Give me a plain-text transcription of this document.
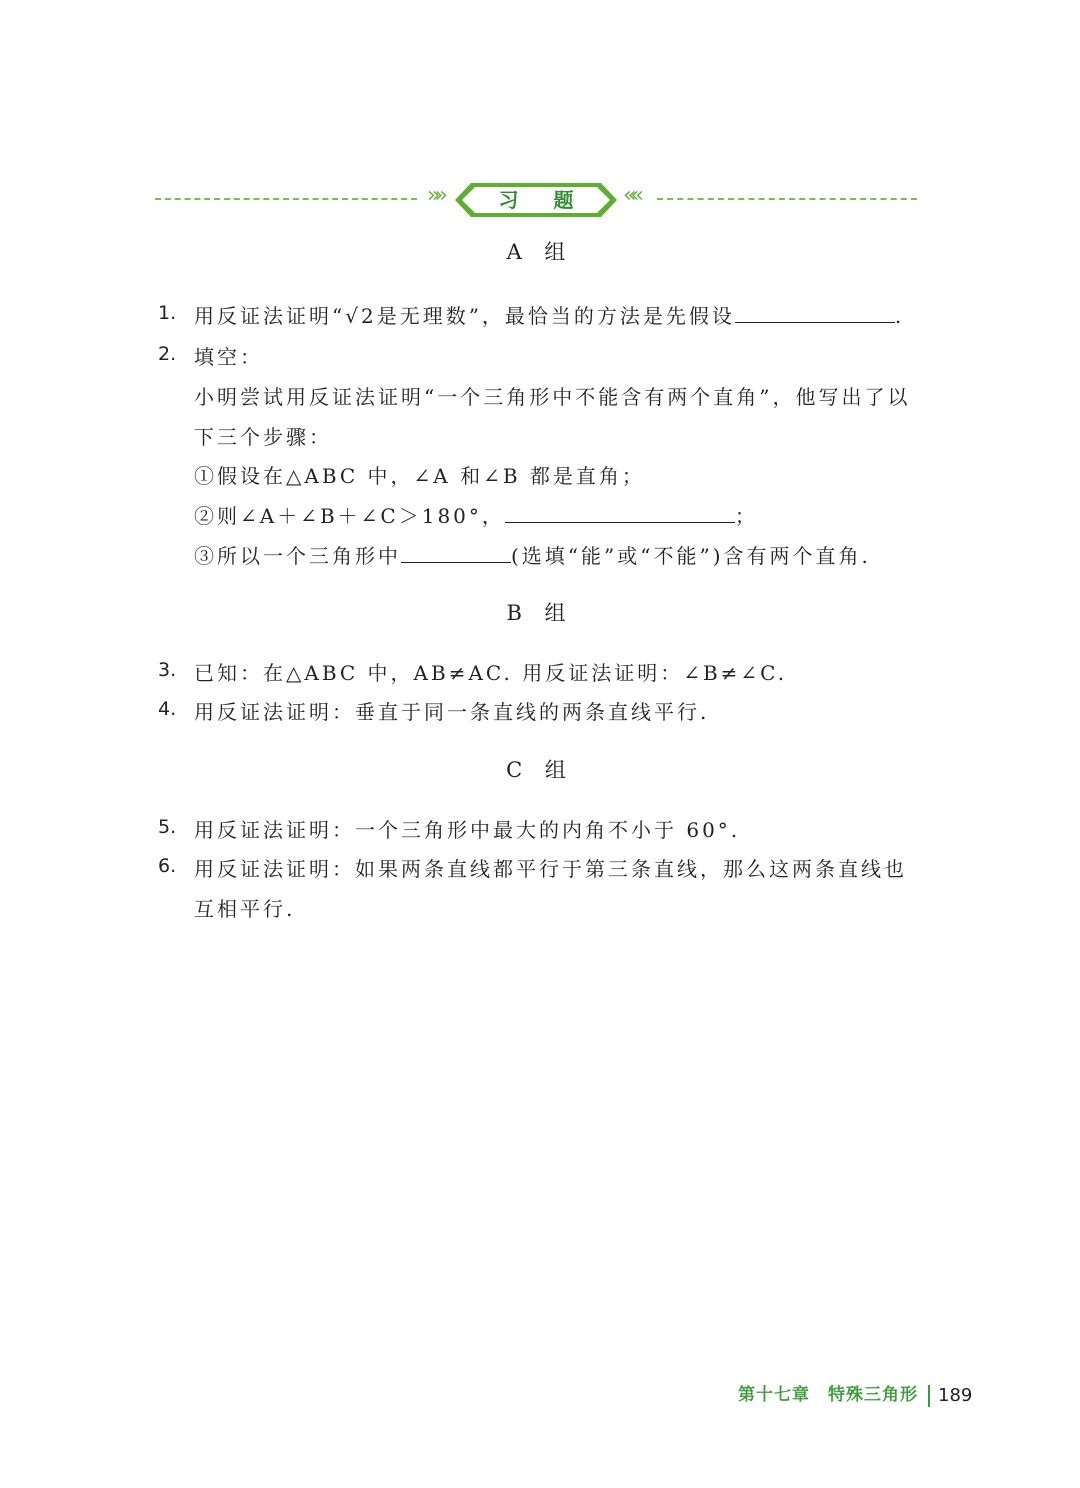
»»	习 题	««
A 组
1. 用反证法证明“√2是无理数”，最恰当的方法是先假设	.
2. 填空：
小明尝试用反证法证明“一个三角形中不能含有两个直角”，他写出了以
下三个步骤：
①假设在△ABC 中，∠A 和∠B 都是直角；
②则∠A＋∠B＋∠C＞180°，	；
③所以一个三角形中	(选填“能”或“不能”)含有两个直角.
B 组
3. 已知：在△ABC 中，AB≠AC. 用反证法证明：∠B≠∠C.
4. 用反证法证明：垂直于同一条直线的两条直线平行.
C 组
5. 用反证法证明：一个三角形中最大的内角不小于 60°.
6. 用反证法证明：如果两条直线都平行于第三条直线，那么这两条直线也
互相平行.
第十七章　特殊三角形 189
